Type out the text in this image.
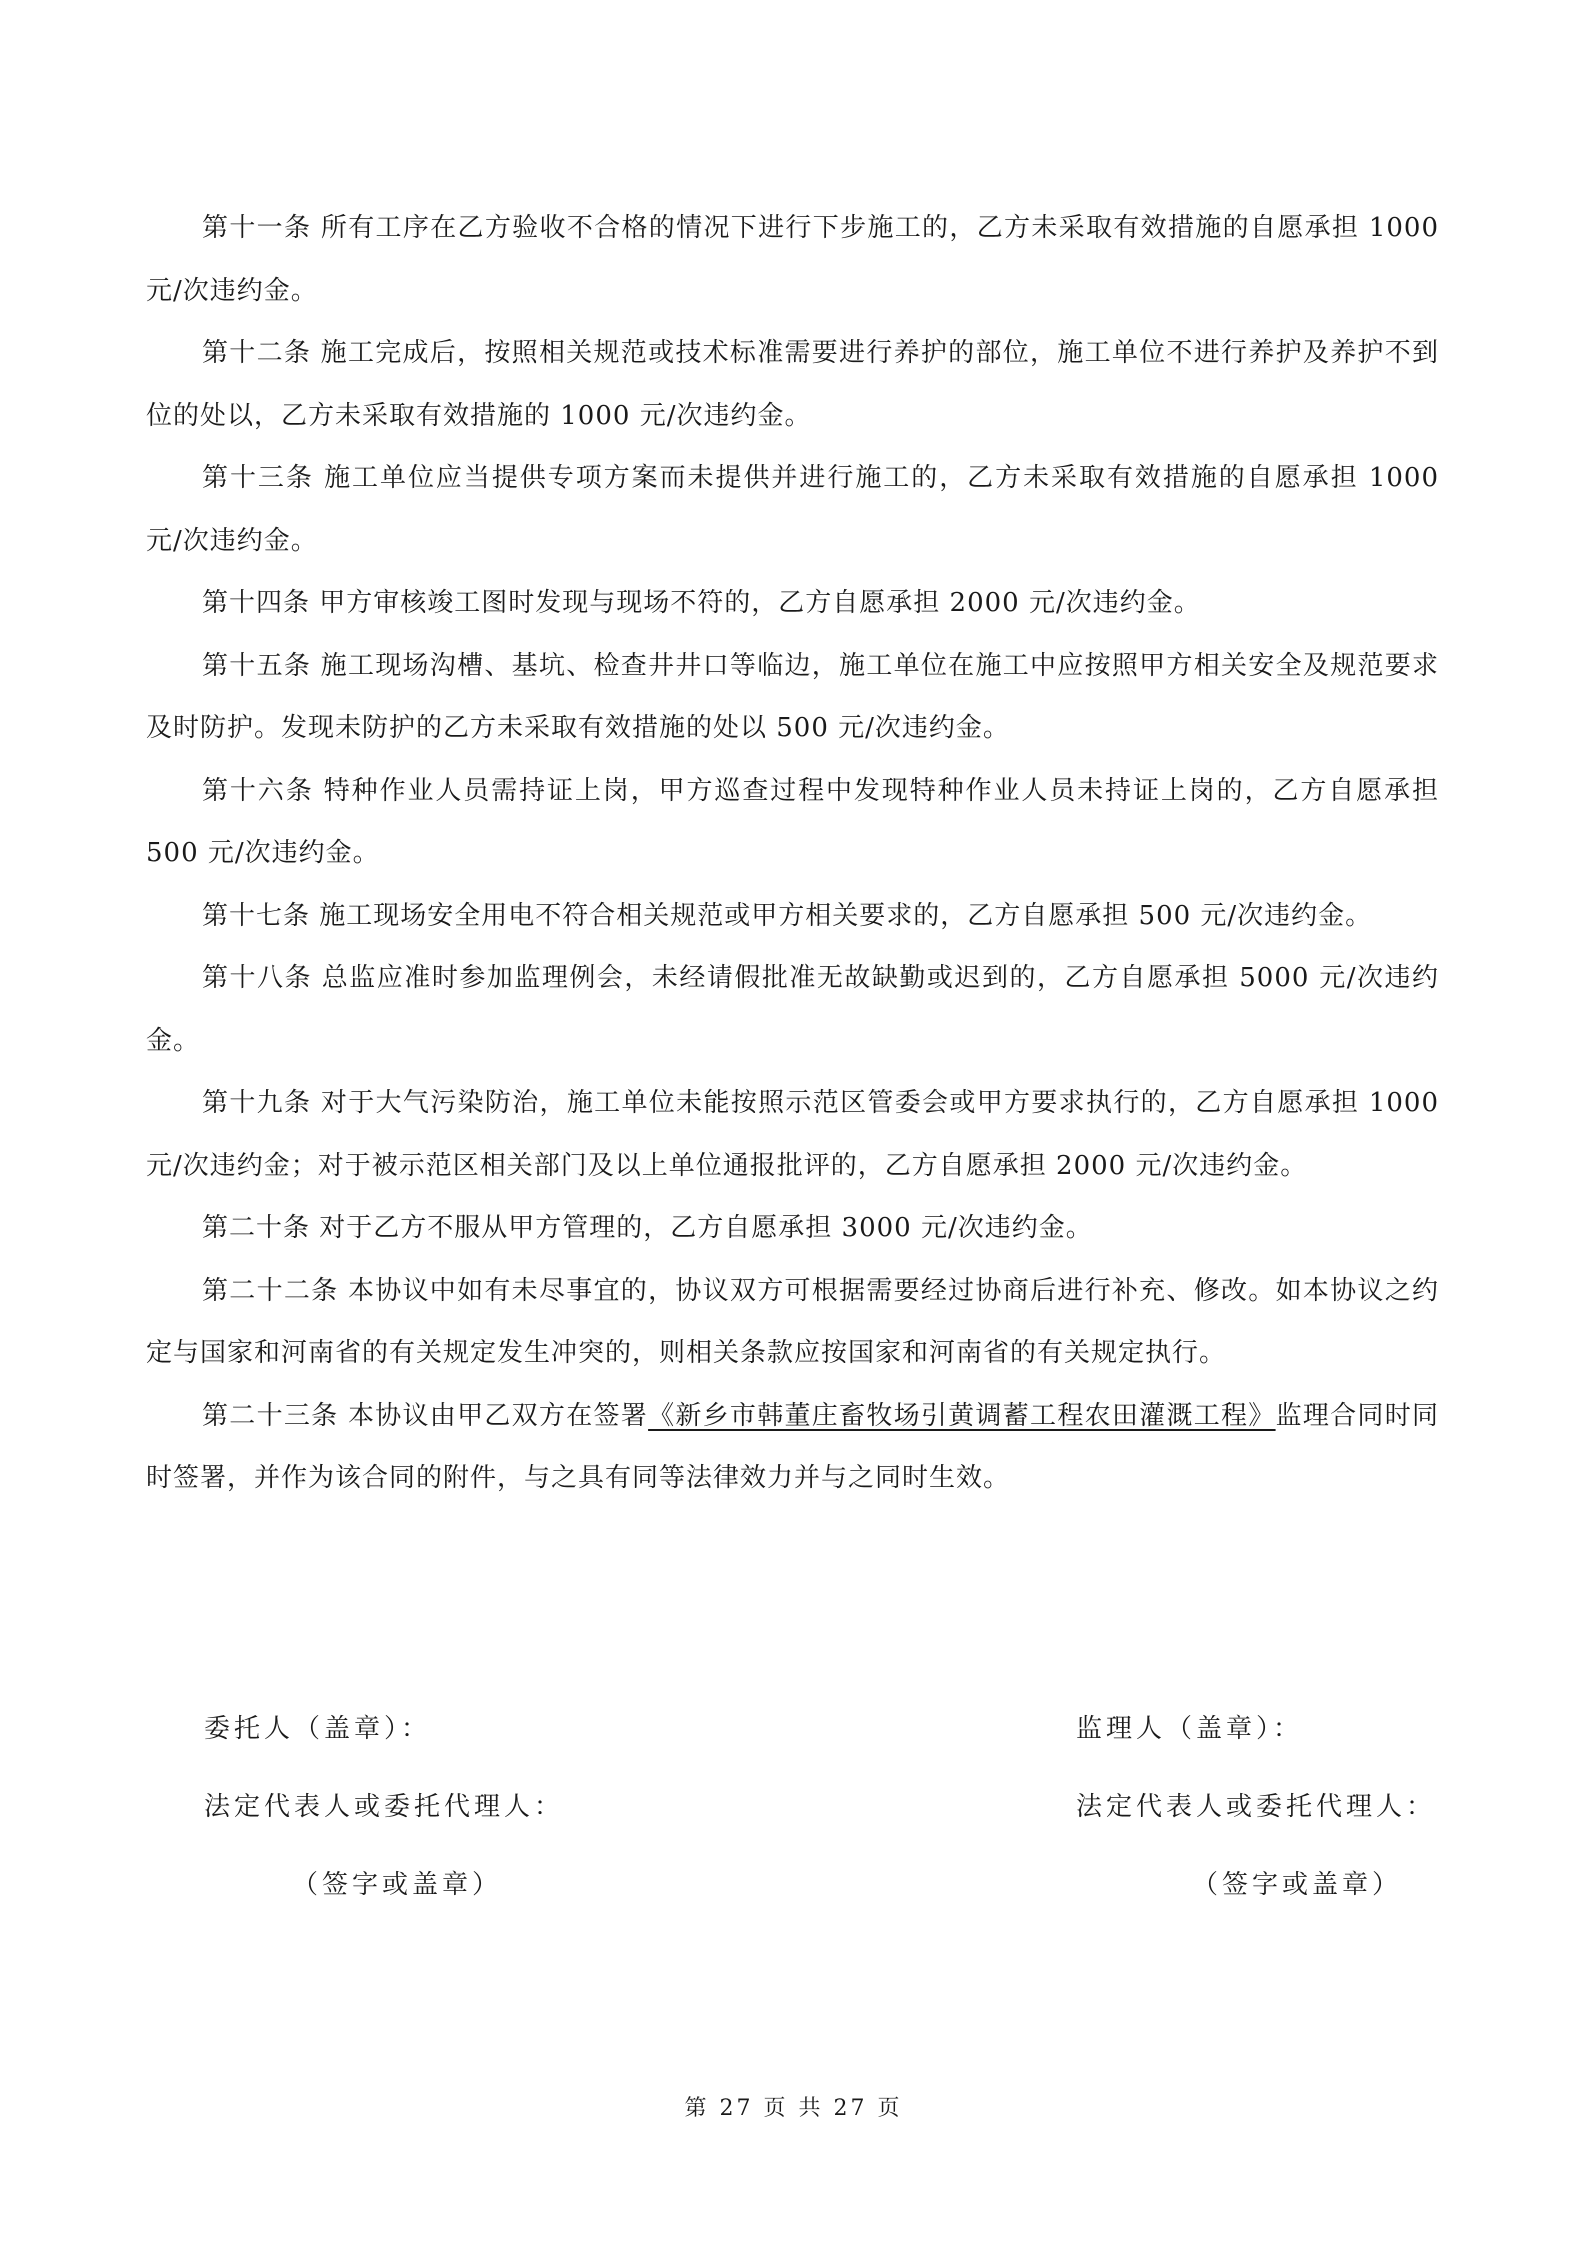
第十一条 所有工序在乙方验收不合格的情况下进行下步施工的，乙方未采取有效措施的自愿承担 1000 元/次违约金。

第十二条 施工完成后，按照相关规范或技术标准需要进行养护的部位，施工单位不进行养护及养护不到位的处以，乙方未采取有效措施的 1000 元/次违约金。

第十三条 施工单位应当提供专项方案而未提供并进行施工的，乙方未采取有效措施的自愿承担 1000 元/次违约金。

第十四条 甲方审核竣工图时发现与现场不符的，乙方自愿承担 2000 元/次违约金。

第十五条 施工现场沟槽、基坑、检查井井口等临边，施工单位在施工中应按照甲方相关安全及规范要求及时防护。发现未防护的乙方未采取有效措施的处以 500 元/次违约金。

第十六条 特种作业人员需持证上岗，甲方巡查过程中发现特种作业人员未持证上岗的，乙方自愿承担 500 元/次违约金。

第十七条 施工现场安全用电不符合相关规范或甲方相关要求的，乙方自愿承担 500 元/次违约金。

第十八条 总监应准时参加监理例会，未经请假批准无故缺勤或迟到的，乙方自愿承担 5000 元/次违约金。

第十九条 对于大气污染防治，施工单位未能按照示范区管委会或甲方要求执行的，乙方自愿承担 1000 元/次违约金；对于被示范区相关部门及以上单位通报批评的，乙方自愿承担 2000 元/次违约金。

第二十条 对于乙方不服从甲方管理的，乙方自愿承担 3000 元/次违约金。

第二十二条 本协议中如有未尽事宜的，协议双方可根据需要经过协商后进行补充、修改。如本协议之约定与国家和河南省的有关规定发生冲突的，则相关条款应按国家和河南省的有关规定执行。

第二十三条 本协议由甲乙双方在签署《新乡市韩董庄畜牧场引黄调蓄工程农田灌溉工程》监理合同时同时签署，并作为该合同的附件，与之具有同等法律效力并与之同时生效。

委托人（盖章）：	监理人（盖章）：
法定代表人或委托代理人：	法定代表人或委托代理人：
（签字或盖章）	（签字或盖章）
第 27 页 共 27 页
